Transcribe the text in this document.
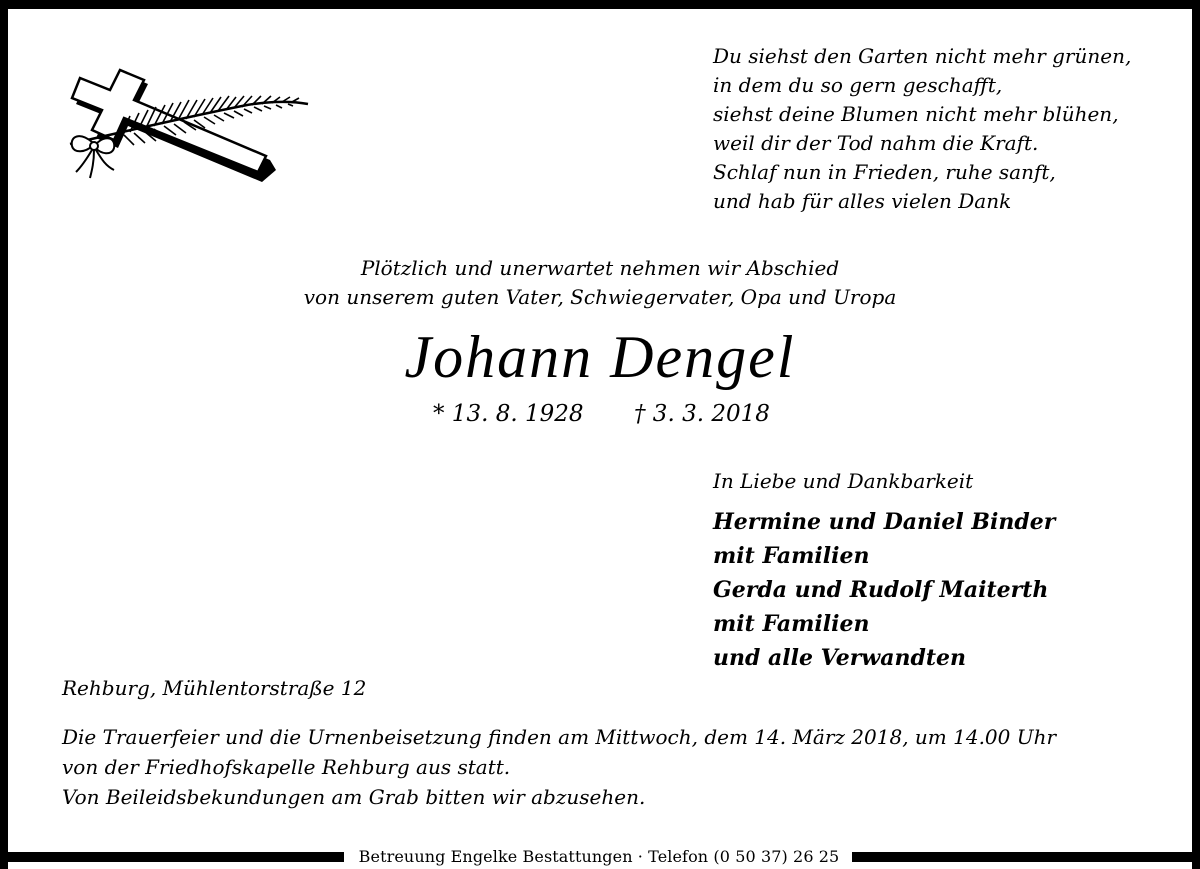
Du siehst den Garten nicht mehr grünen,
in dem du so gern geschafft,
siehst deine Blumen nicht mehr blühen,
weil dir der Tod nahm die Kraft.
Schlaf nun in Frieden, ruhe sanft,
und hab für alles vielen Dank
Plötzlich und unerwartet nehmen wir Abschied
von unserem guten Vater, Schwiegervater, Opa und Uropa
Johann Dengel
* 13. 8. 1928 † 3. 3. 2018
In Liebe und Dankbarkeit
Hermine und Daniel Binder
mit Familien
Gerda und Rudolf Maiterth
mit Familien
und alle Verwandten
Rehburg, Mühlentorstraße 12
Die Trauerfeier und die Urnenbeisetzung finden am Mittwoch, dem 14. März 2018, um 14.00 Uhr
von der Friedhofskapelle Rehburg aus statt.
Von Beileidsbekundungen am Grab bitten wir abzusehen.
Betreuung Engelke Bestattungen · Telefon (0 50 37) 26 25
